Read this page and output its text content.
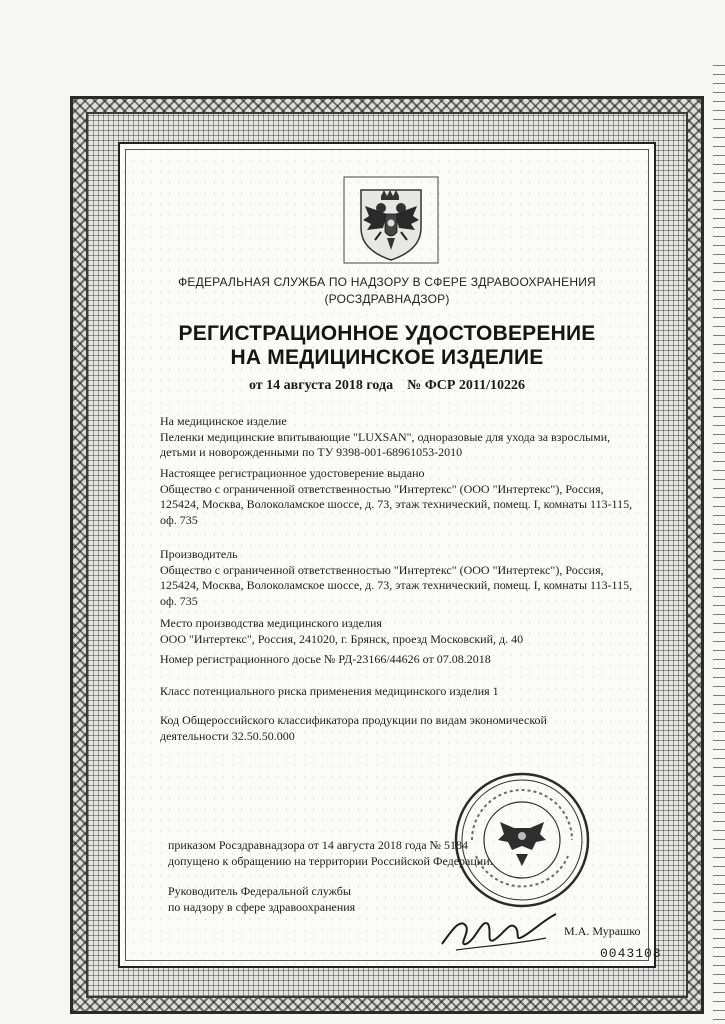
ФЕДЕРАЛЬНАЯ СЛУЖБА ПО НАДЗОРУ В СФЕРЕ ЗДРАВООХРАНЕНИЯ
(РОСЗДРАВНАДЗОР)
РЕГИСТРАЦИОННОЕ УДОСТОВЕРЕНИЕ
НА МЕДИЦИНСКОЕ ИЗДЕЛИЕ
от 14 августа 2018 года № ФСР 2011/10226
На медицинское изделие
Пеленки медицинские впитывающие "LUXSAN", одноразовые для ухода за взрослыми, детьми и новорожденными по ТУ 9398-001-68961053-2010
Настоящее регистрационное удостоверение выдано
Общество с ограниченной ответственностью "Интертекс" (ООО "Интертекс"), Россия, 125424, Москва, Волоколамское шоссе, д. 73, этаж технический, помещ. I, комнаты 113-115, оф. 735
Производитель
Общество с ограниченной ответственностью "Интертекс" (ООО "Интертекс"), Россия, 125424, Москва, Волоколамское шоссе, д. 73, этаж технический, помещ. I, комнаты 113-115, оф. 735
Место производства медицинского изделия
ООО "Интертекс", Россия, 241020, г. Брянск, проезд Московский, д. 40
Номер регистрационного досье № РД-23166/44626 от 07.08.2018
Класс потенциального риска применения медицинского изделия 1
Код Общероссийского классификатора продукции по видам экономической
деятельности 32.50.50.000
приказом Росздравнадзора от 14 августа 2018 года № 5184
допущено к обращению на территории Российской Федерации.
Руководитель Федеральной службы
по надзору в сфере здравоохранения
М.А. Мурашко
0043108
